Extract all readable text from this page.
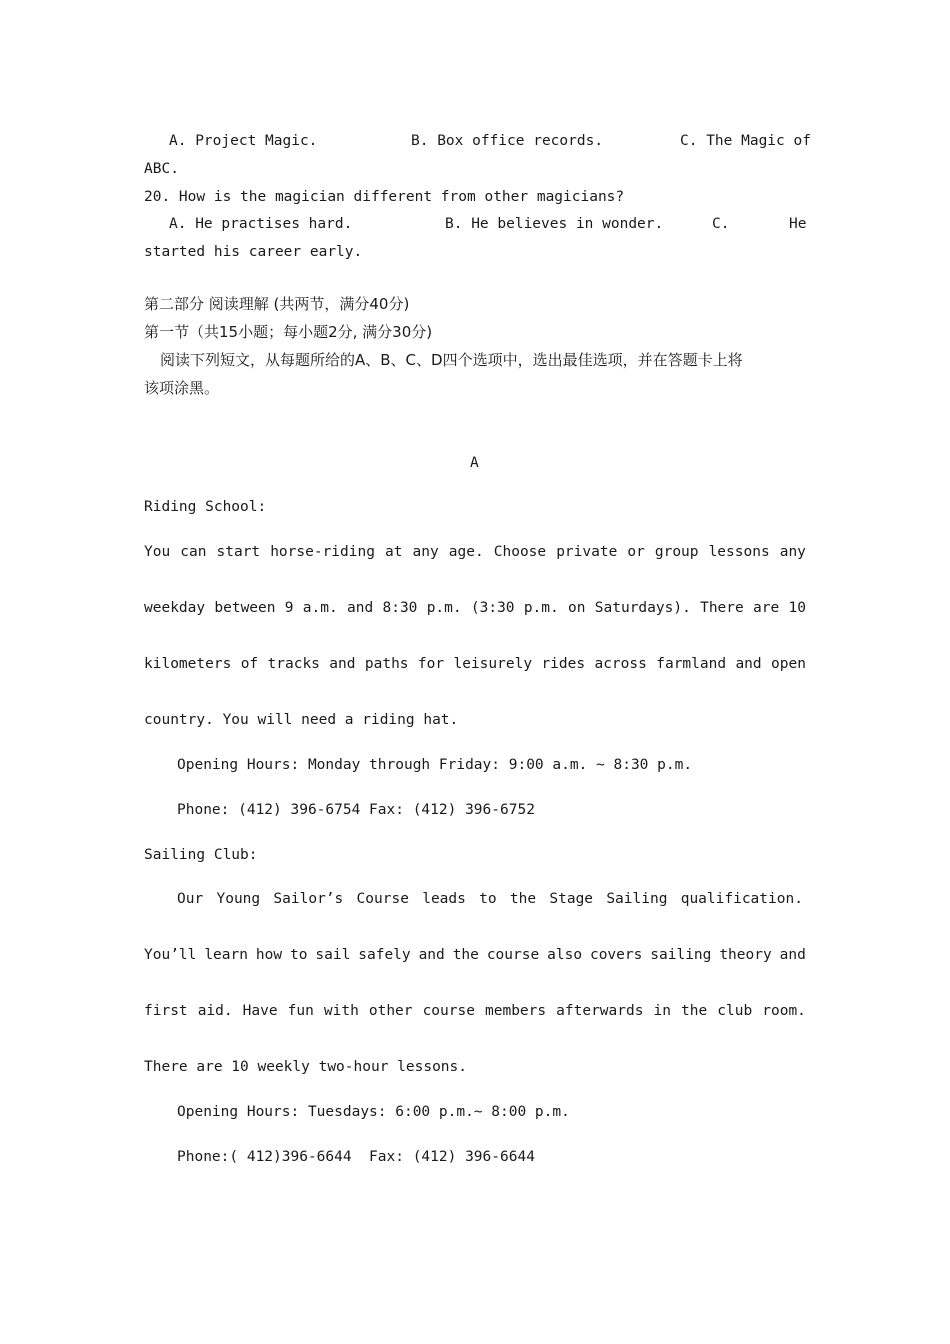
A. Project Magic.	B. Box office records.	C. The Magic of
ABC.
20. How is the magician different from other magicians?
A. He practises hard.	B. He believes in wonder.	C.	He
started his career early.
第二部分 阅读理解 (共两节，满分40分)
第一节（共15小题；每小题2分, 满分30分)
阅读下列短文，从每题所给的A、B、C、D四个选项中，选出最佳选项，并在答题卡上将
该项涂黑。
A
Riding School:
You can start horse-riding at any age. Choose private or group lessons any
weekday between 9 a.m. and 8:30 p.m. (3:30 p.m. on Saturdays). There are 10
kilometers of tracks and paths for leisurely rides across farmland and open
country. You will need a riding hat.
Opening Hours: Monday through Friday: 9:00 a.m. ~ 8:30 p.m.
Phone: (412) 396-6754 Fax: (412) 396-6752
Sailing Club:
Our Young Sailor’s Course leads to the Stage Sailing qualification.
You’ll learn how to sail safely and the course also covers sailing theory and
first aid. Have fun with other course members afterwards in the club room.
There are 10 weekly two-hour lessons.
Opening Hours: Tuesdays: 6:00 p.m.~ 8:00 p.m.
Phone:( 412)396-6644  Fax: (412) 396-6644
